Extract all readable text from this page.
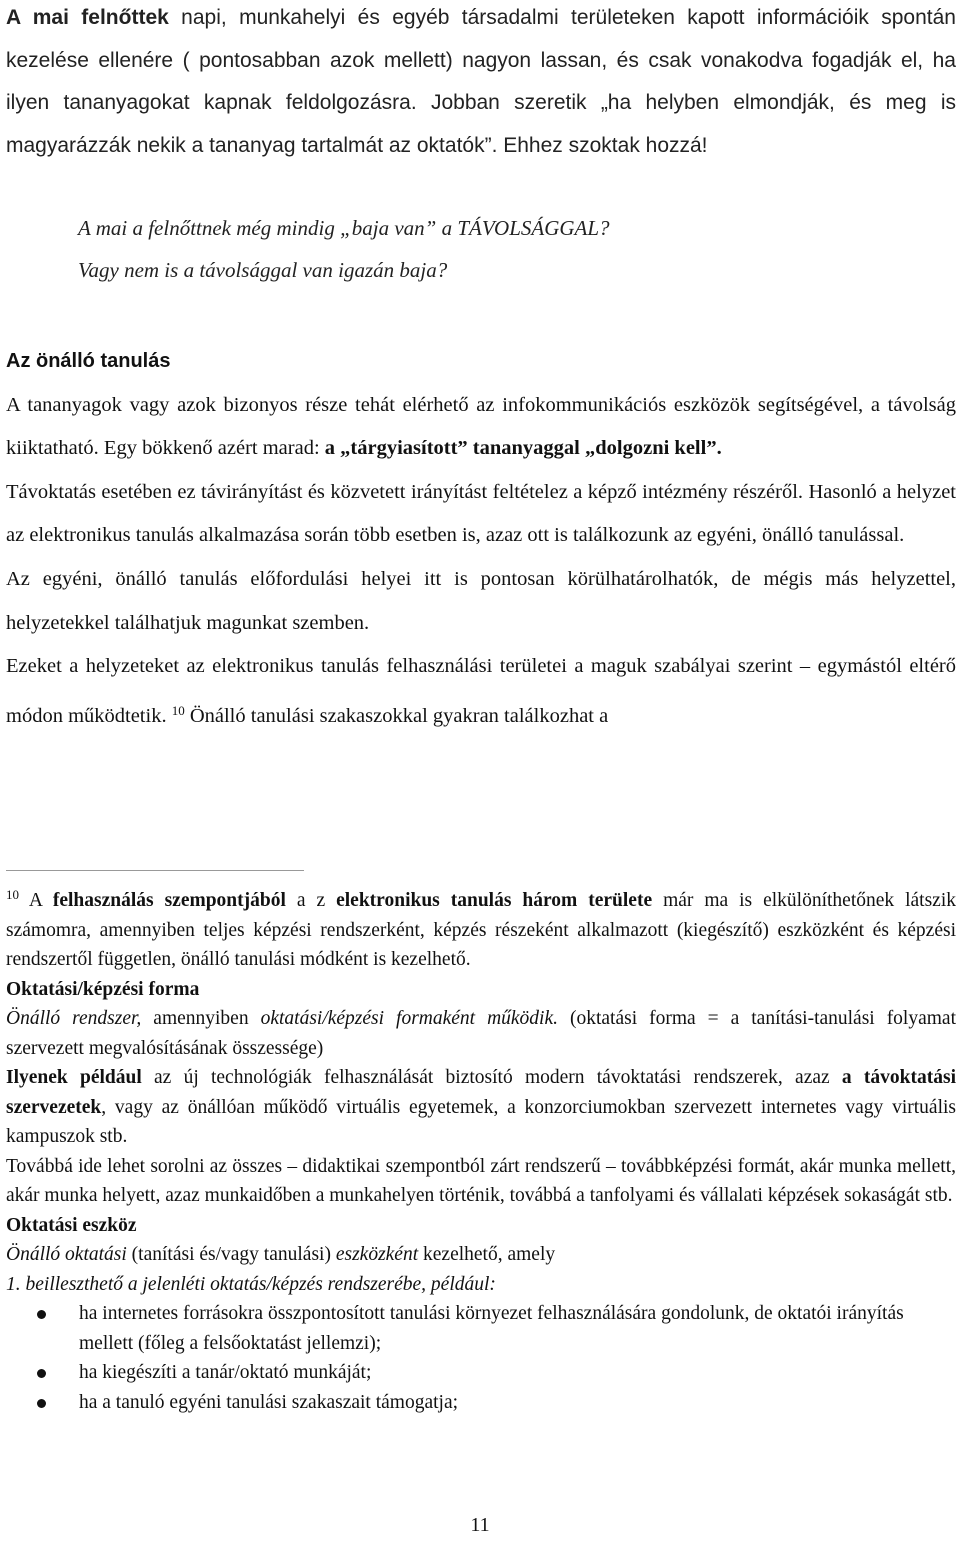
A mai felnőttek napi, munkahelyi és egyéb társadalmi területeken kapott információik spontán kezelése ellenére ( pontosabban azok mellett) nagyon lassan, és csak vonakodva fogadják el, ha ilyen tananyagokat kapnak feldolgozásra. Jobban szeretik „ha helyben elmondják, és meg is magyarázzák nekik a tananyag tartalmát az oktatók”. Ehhez szoktak hozzá!
A mai a felnőttnek még mindig „baja van” a TÁVOLSÁGGAL?
Vagy nem is a távolsággal van igazán baja?
Az önálló tanulás

A tananyagok vagy azok bizonyos része tehát elérhető az infokommunikációs eszközök segítségével, a távolság kiiktatható. Egy bökkenő azért marad: a „tárgyiasított” tananyaggal „dolgozni kell”.

Távoktatás esetében ez távirányítást és közvetett irányítást feltételez a képző intézmény részéről. Hasonló a helyzet az elektronikus tanulás alkalmazása során több esetben is, azaz ott is találkozunk az egyéni, önálló tanulással.

Az egyéni, önálló tanulás előfordulási helyei itt is pontosan körülhatárolhatók, de mégis más helyzettel, helyzetekkel találhatjuk magunkat szemben.

Ezeket a helyzeteket az elektronikus tanulás felhasználási területei a maguk szabályai szerint – egymástól eltérő módon működtetik. $^{10}$ Önálló tanulási szakaszokkal gyakran találkozhat a

$^{10}$ A felhasználás szempontjából a z elektronikus tanulás három területe már ma is elkülöníthetőnek látszik számomra, amennyiben teljes képzési rendszerként, képzés részeként alkalmazott (kiegészítő) eszközként és képzési rendszertől független, önálló tanulási módként is kezelhető.

Oktatási/képzési forma

Önálló rendszer, amennyiben oktatási/képzési formaként működik. (oktatási forma = a tanítási-tanulási folyamat szervezett megvalósításának összessége)

Ilyenek például az új technológiák felhasználását biztosító modern távoktatási rendszerek, azaz a távoktatási szervezetek, vagy az önállóan működő virtuális egyetemek, a konzorciumokban szervezett internetes vagy virtuális kampuszok stb.

Továbbá ide lehet sorolni az összes – didaktikai szempontból zárt rendszerű – továbbképzési formát, akár munka mellett, akár munka helyett, azaz munkaidőben a munkahelyen történik, továbbá a tanfolyami és vállalati képzések sokaságát stb.

Oktatási eszköz

Önálló oktatási (tanítási és/vagy tanulási) eszközként kezelhető, amely

1. beilleszthető a jelenléti oktatás/képzés rendszerébe, például:

ha internetes forrásokra összpontosított tanulási környezet felhasználására gondolunk, de oktatói irányítás mellett (főleg a felsőoktatást jellemzi);
ha kiegészíti a tanár/oktató munkáját;
ha a tanuló egyéni tanulási szakaszait támogatja;
11
